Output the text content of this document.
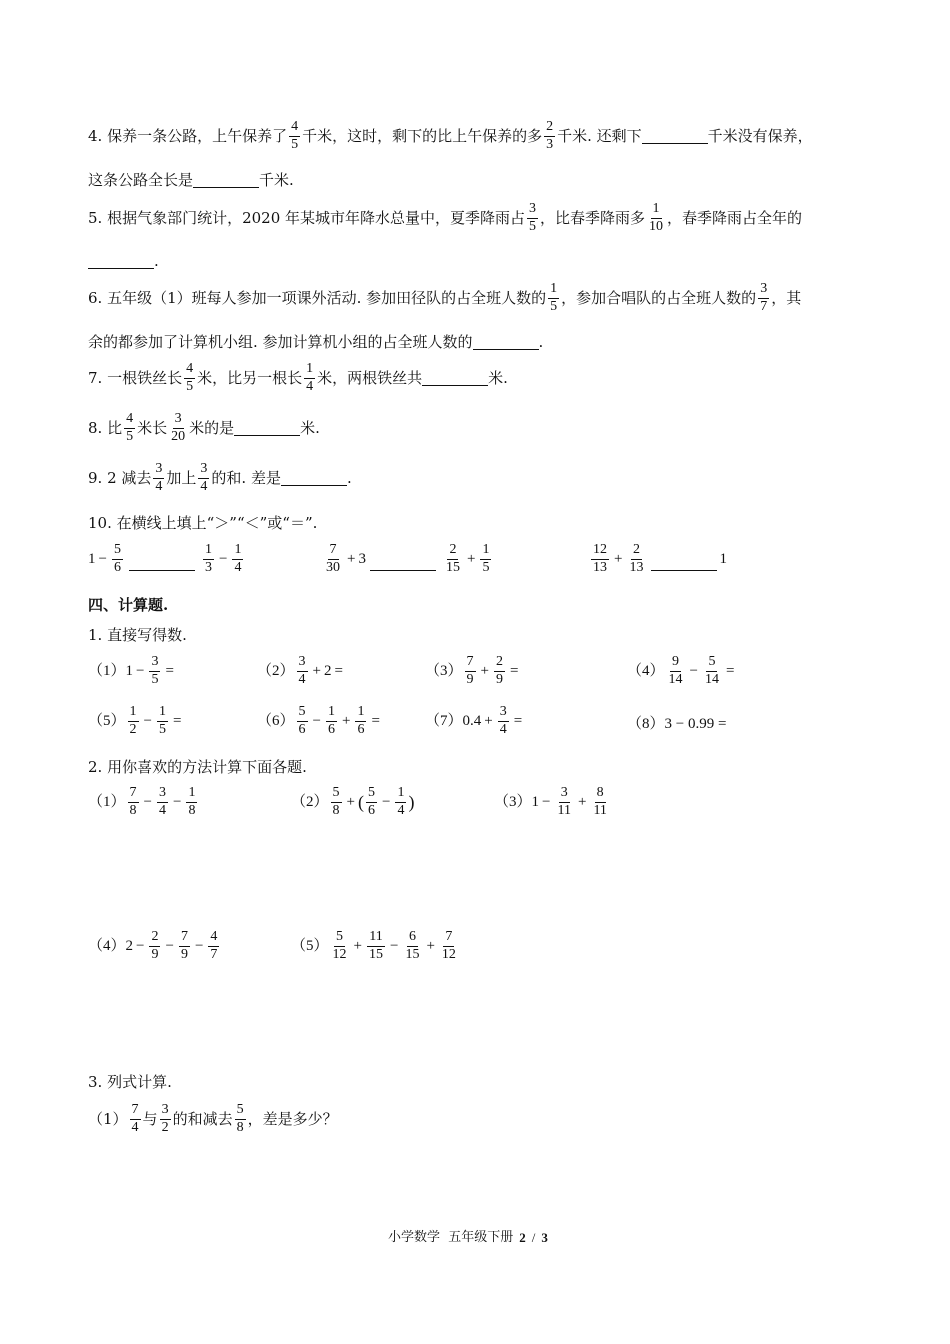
4. 保养一条公路，上午保养了 $\frac{4}{5}$ 千米，这时，剩下的比上午保养的多 $\frac{2}{3}$ 千米. 还剩下	千米没有保养，
这条公路全长是	千米.
5. 根据气象部门统计，2020 年某城市年降水总量中，夏季降雨占 $\frac{3}{5}$ ，比春季降雨多 $\frac{1}{10}$ ，春季降雨占全年的
.
6. 五年级（1）班每人参加一项课外活动. 参加田径队的占全班人数的 $\frac{1}{5}$ ，参加合唱队的占全班人数的 $\frac{3}{7}$ ，其
余的都参加了计算机小组. 参加计算机小组的占全班人数的	.
7. 一根铁丝长 $\frac{4}{5}$ 米，比另一根长 $\frac{1}{4}$ 米，两根铁丝共	米.
8. 比 $\frac{4}{5}$ 米长 $\frac{3}{20}$ 米的是	米.
9. 2 减去 $\frac{3}{4}$ 加上 $\frac{3}{4}$ 的和. 差是	.
10. 在横线上填上“＞”“＜”或“＝”.
$1 - \frac{5}{6}$	$\frac{1}{3} - \frac{1}{4}$	$\frac{7}{30} + 3$	$\frac{2}{15} + \frac{1}{5}$	$\frac{12}{13} + \frac{2}{13}$	1
四、计算题.
1. 直接写得数.
（1） $1 - \frac{3}{5}$ =	$(2) \frac{3}{4} + 2$ =	$(3) \frac{7}{9} + \frac{2}{9}$ =	$(4) \frac{9}{14} - \frac{5}{14}$ =
$(5) \frac{1}{2} - \frac{1}{5}$ =	$(6) \frac{5}{6} - \frac{1}{6} + \frac{1}{6}$ =	（7） $0.4 + \frac{3}{4}$ =	（8） 3 − 0.99 =
2. 用你喜欢的方法计算下面各题.
$(1) \frac{7}{8} - \frac{3}{4} - \frac{1}{8}$	$(2) \frac{5}{8}$ + ( $\frac{5}{6} - \frac{1}{4}$ )	（3） $1 - \frac{3}{11} + \frac{8}{11}$
（4） $2 - \frac{2}{9} - \frac{7}{9} - \frac{4}{7}$	$(5) \frac{5}{12} + \frac{11}{15} - \frac{6}{15} + \frac{7}{12}$
3. 列式计算.
$(1) \frac{7}{4}$ 与 $\frac{3}{2}$ 的和减去 $\frac{5}{8}$ ，差是多少？
小学数学  五年级下册 2 / 3
